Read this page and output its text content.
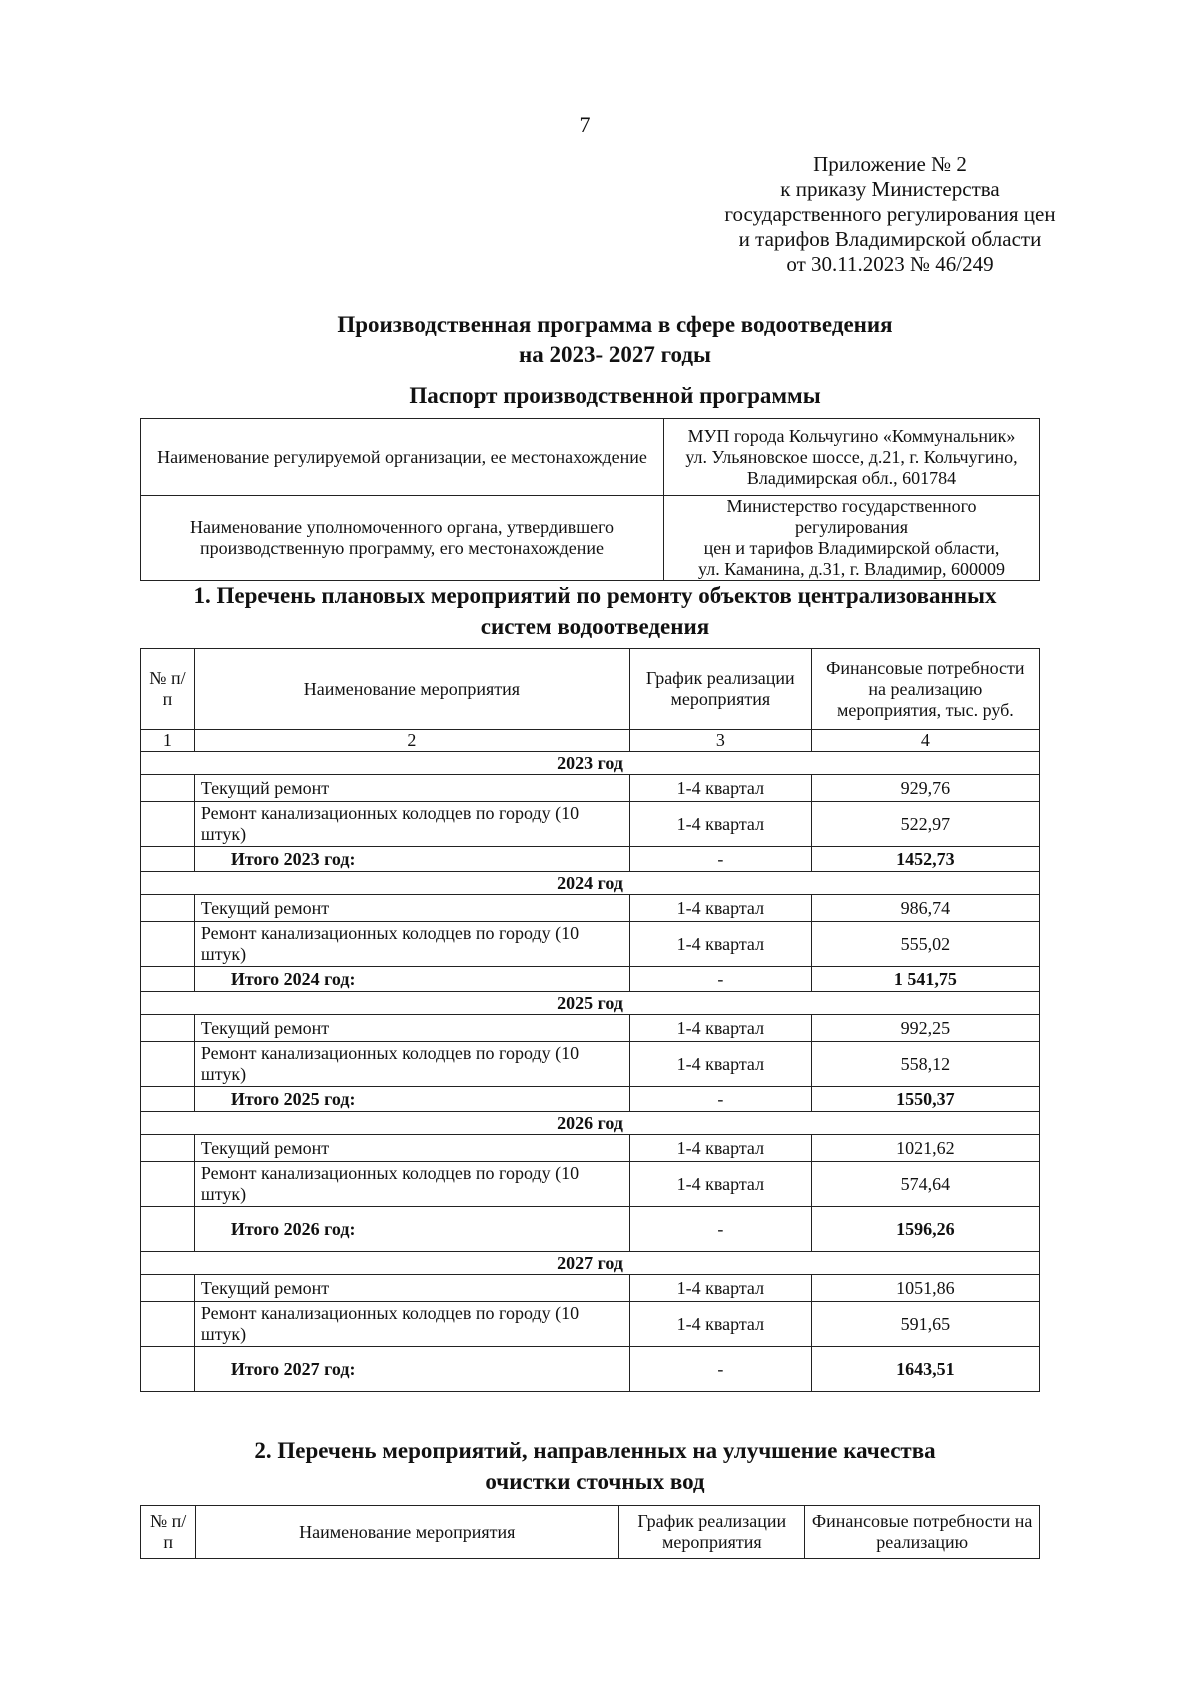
7
Приложение № 2
к приказу Министерства
государственного регулирования цен
и тарифов Владимирской области
от 30.11.2023 № 46/249
Производственная программа в сфере водоотведения
на 2023- 2027 годы
Паспорт производственной программы
Наименование регулируемой организации, ее местонахождение	МУП города Кольчугино «Коммунальник»
ул. Ульяновское шоссе, д.21, г. Кольчугино,
Владимирская обл., 601784

Наименование уполномоченного органа, утвердившего производственную программу, его местонахождение	Министерство государственного регулирования
цен и тарифов Владимирской области,
ул. Каманина, д.31, г. Владимир, 600009
1. Перечень плановых мероприятий по ремонту объектов централизованных
систем водоотведения
№ п/п	Наименование мероприятия	График реализации мероприятия	Финансовые потребности на реализацию мероприятия, тыс. руб.
1	2	3	4
2023 год			
	Текущий ремонт	1-4 квартал	929,76
	Ремонт канализационных колодцев по городу (10 штук)	1-4 квартал	522,97
	Итого 2023 год:	-	1452,73
2024 год			
	Текущий ремонт	1-4 квартал	986,74
	Ремонт канализационных колодцев по городу (10 штук)	1-4 квартал	555,02
	Итого 2024 год:	-	1 541,75
2025 год			
	Текущий ремонт	1-4 квартал	992,25
	Ремонт канализационных колодцев по городу (10 штук)	1-4 квартал	558,12
	Итого 2025 год:	-	1550,37
2026 год			
	Текущий ремонт	1-4 квартал	1021,62
	Ремонт канализационных колодцев по городу (10 штук)	1-4 квартал	574,64
	Итого 2026 год:	-	1596,26
2027 год			
	Текущий ремонт	1-4 квартал	1051,86
	Ремонт канализационных колодцев по городу (10 штук)	1-4 квартал	591,65
	Итого 2027 год:	-	1643,51
2. Перечень мероприятий, направленных на улучшение качества
очистки сточных вод
№ п/п	Наименование мероприятия	График реализации мероприятия	Финансовые потребности на реализацию
